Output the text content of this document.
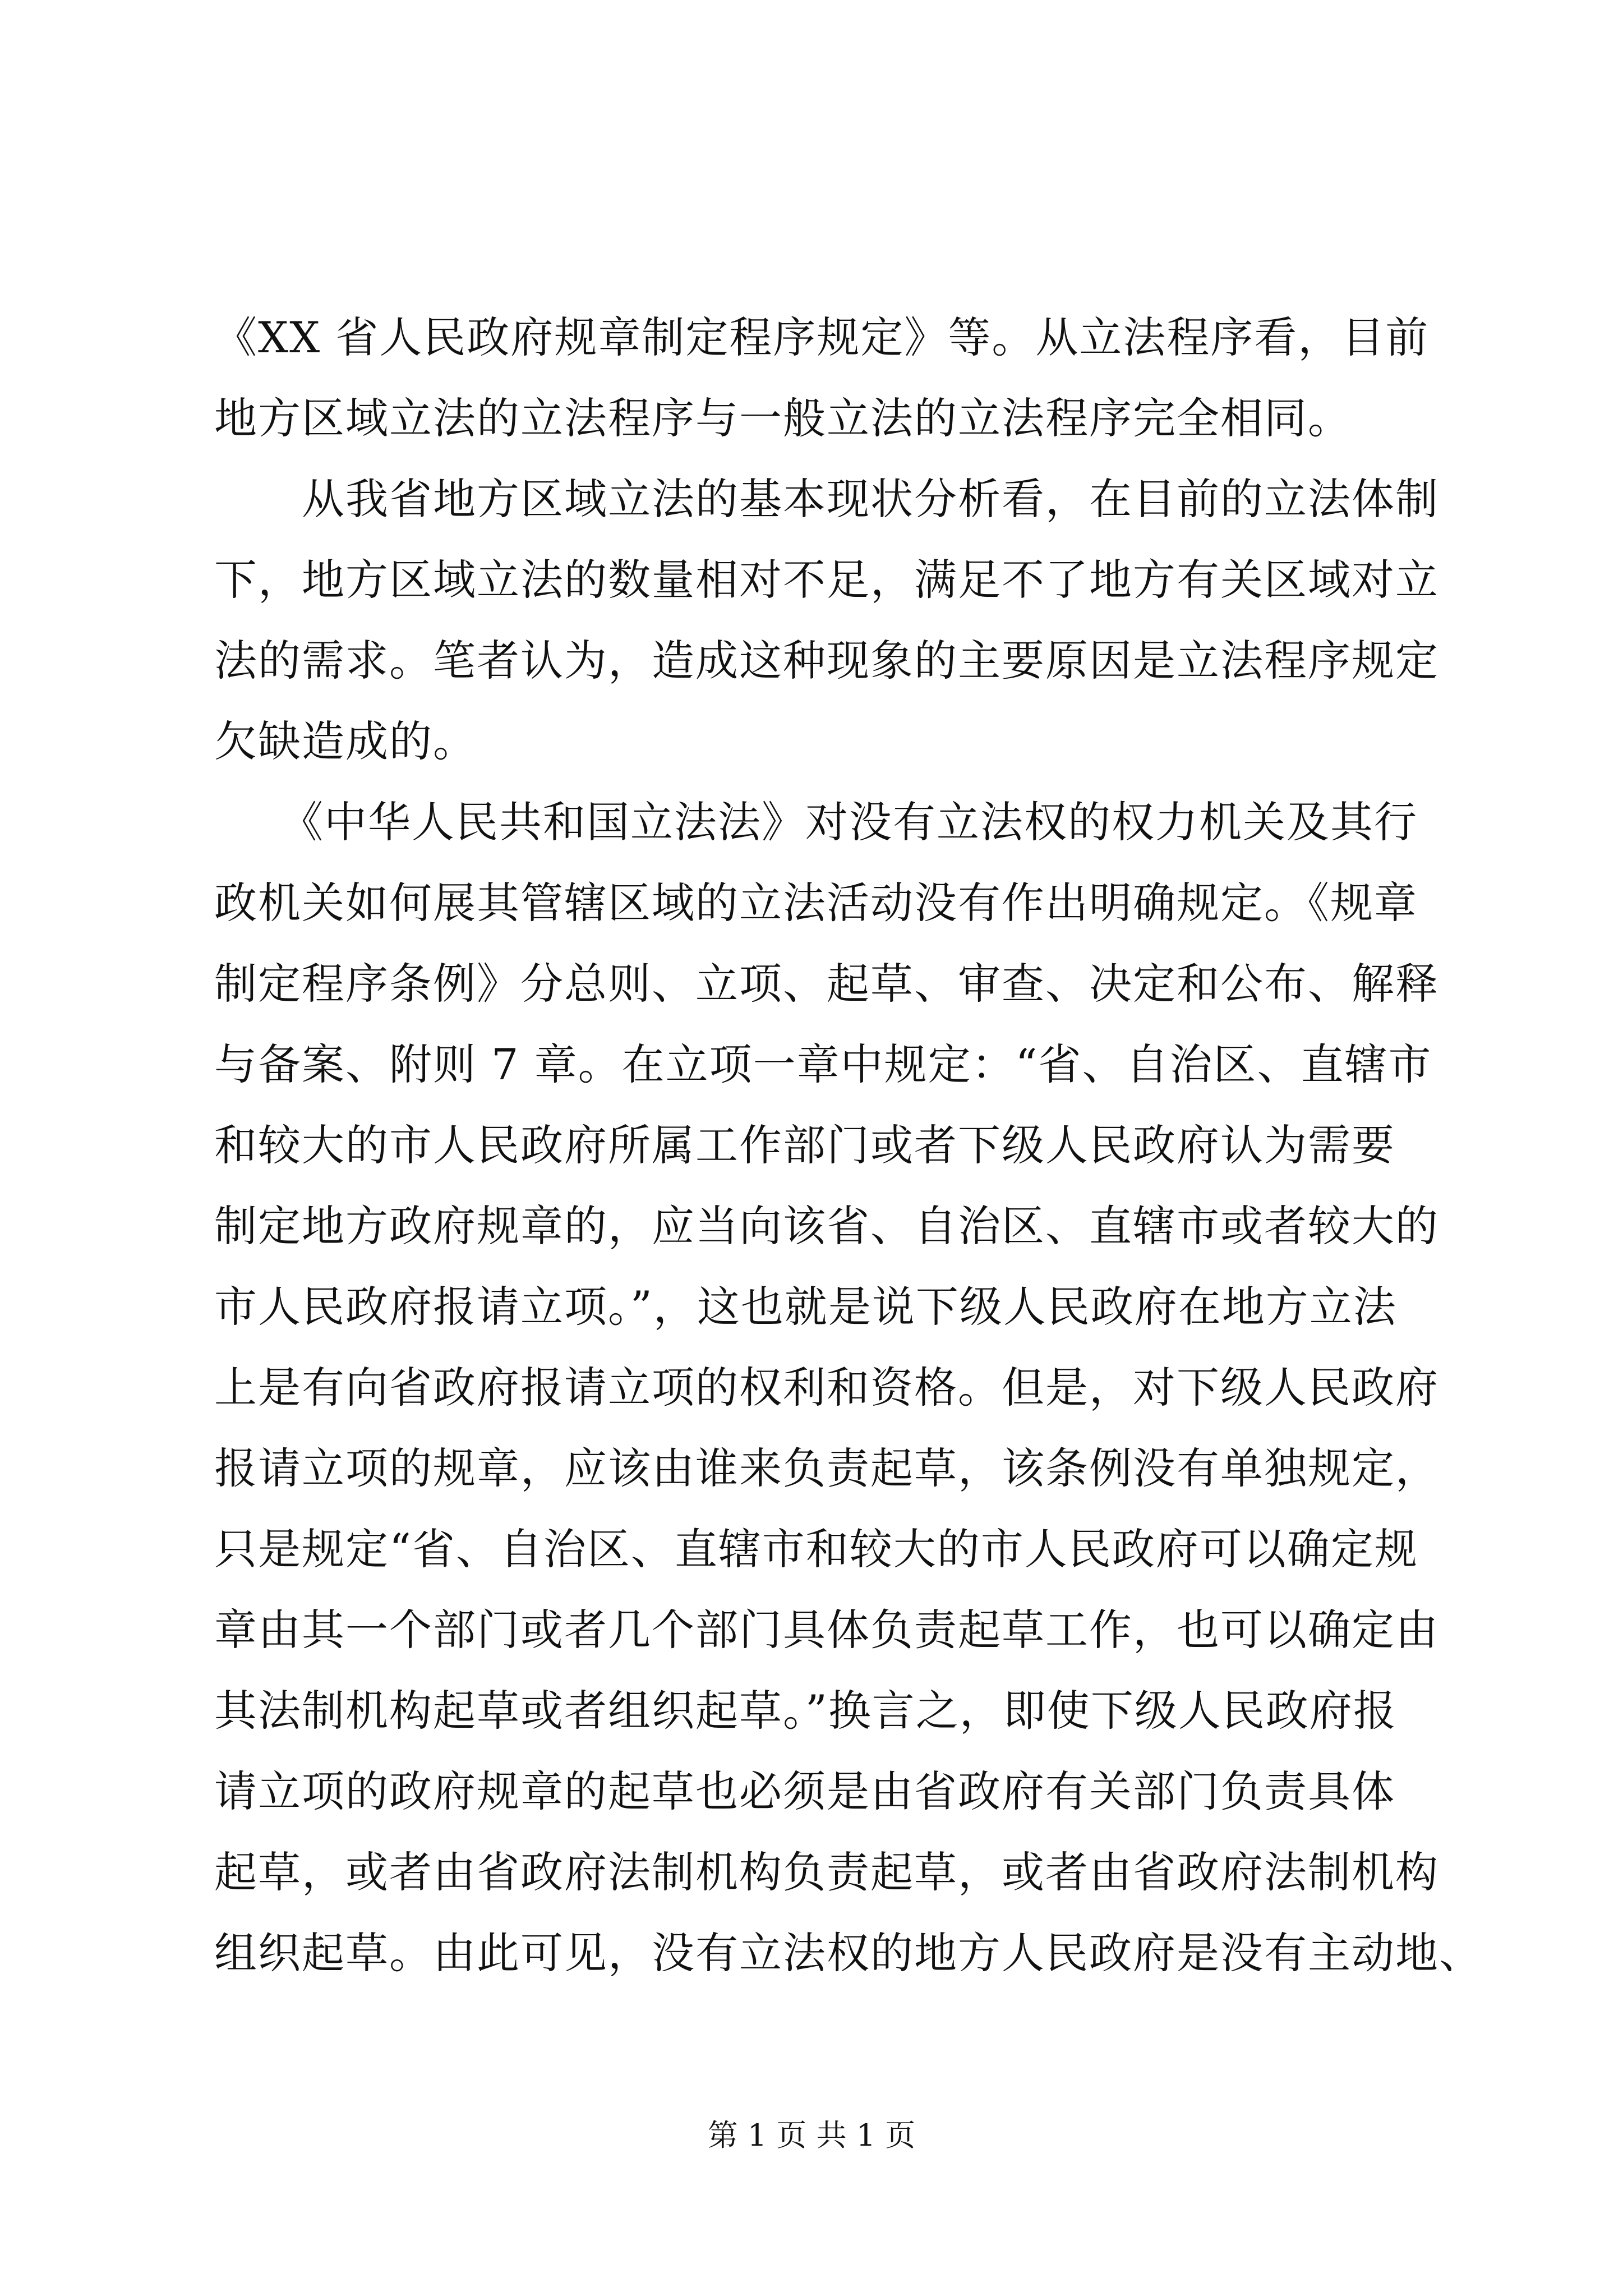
《XX 省人民政府规章制定程序规定》等。从立法程序看，目前
地方区域立法的立法程序与一般立法的立法程序完全相同。
　　从我省地方区域立法的基本现状分析看，在目前的立法体制
下，地方区域立法的数量相对不足，满足不了地方有关区域对立
法的需求。笔者认为，造成这种现象的主要原因是立法程序规定
欠缺造成的。
　　《中华人民共和国立法法》对没有立法权的权力机关及其行
政机关如何展其管辖区域的立法活动没有作出明确规定。《规章
制定程序条例》分总则、立项、起草、审查、决定和公布、解释
与备案、附则 7 章。在立项一章中规定：“省、自治区、直辖市
和较大的市人民政府所属工作部门或者下级人民政府认为需要
制定地方政府规章的，应当向该省、自治区、直辖市或者较大的
市人民政府报请立项。”，这也就是说下级人民政府在地方立法
上是有向省政府报请立项的权利和资格。但是，对下级人民政府
报请立项的规章，应该由谁来负责起草，该条例没有单独规定，
只是规定“省、自治区、直辖市和较大的市人民政府可以确定规
章由其一个部门或者几个部门具体负责起草工作，也可以确定由
其法制机构起草或者组织起草。”换言之，即使下级人民政府报
请立项的政府规章的起草也必须是由省政府有关部门负责具体
起草，或者由省政府法制机构负责起草，或者由省政府法制机构
组织起草。由此可见，没有立法权的地方人民政府是没有主动地、
第 1 页 共 1 页
